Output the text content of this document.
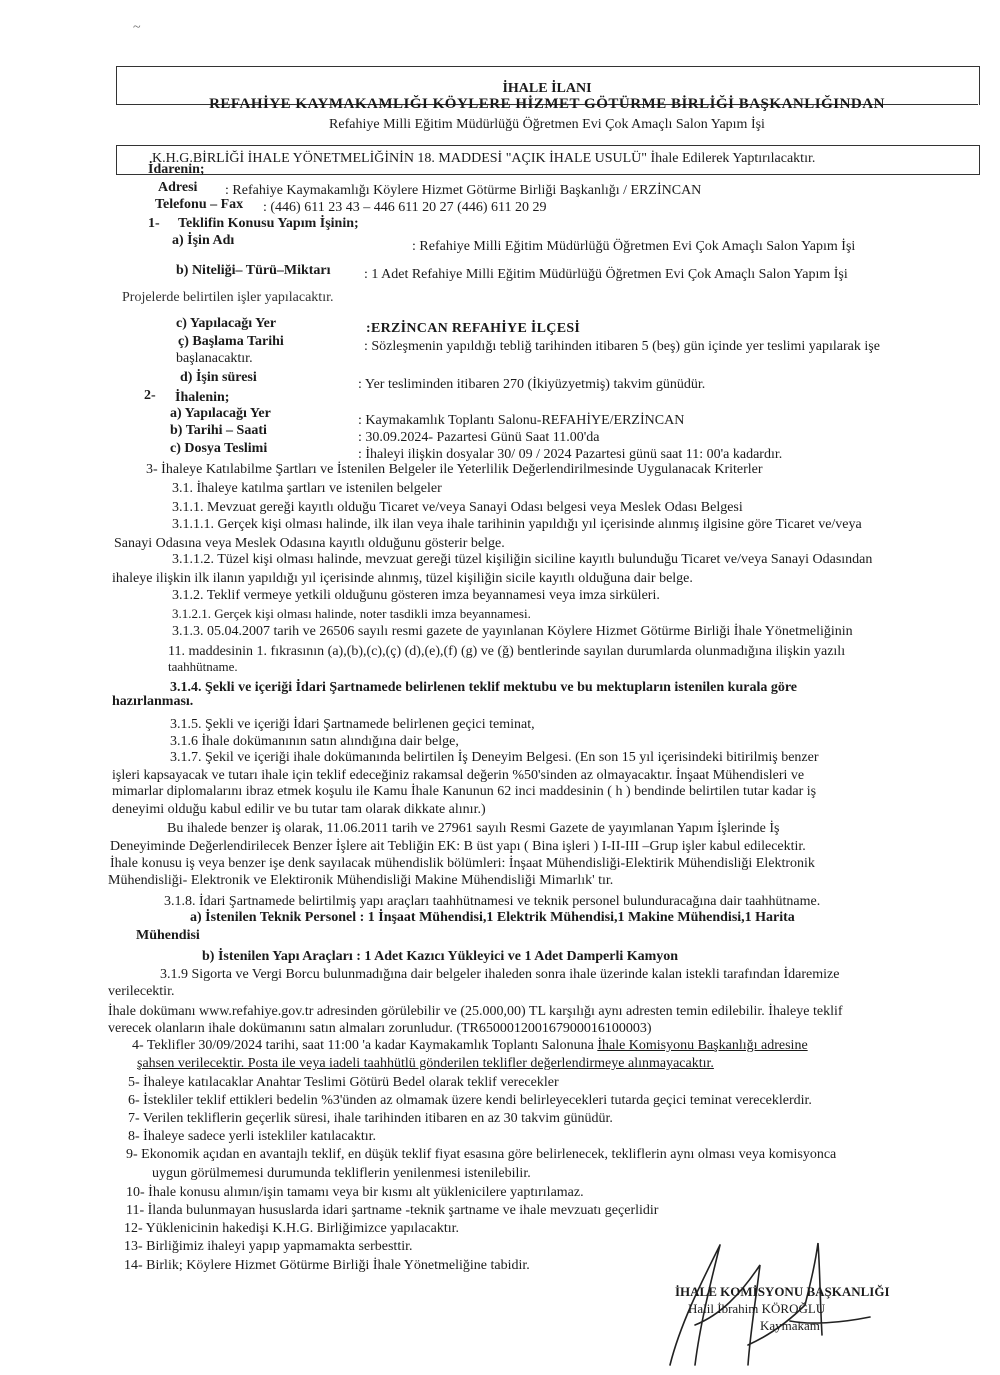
~
İHALE İLANI
REFAHİYE KAYMAKAMLIĞI KÖYLERE HİZMET GÖTÜRME BİRLİĞİ BAŞKANLIĞINDAN
Refahiye Milli Eğitim Müdürlüğü Öğretmen Evi Çok Amaçlı Salon Yapım İşi
K.H.G.BİRLİĞİ İHALE YÖNETMELİĞİNİN 18. MADDESİ "AÇIK İHALE USULÜ" İhale Edilerek Yaptırılacaktır.
İdarenin;
Adresi : Refahiye Kaymakamlığı Köylere Hizmet Götürme Birliği Başkanlığı / ERZİNCAN
Telefonu – Fax : (446) 611 23 43 – 446 611 20 27 (446) 611 20 29
1- Teklifin Konusu Yapım İşinin;
a) İşin Adı	: Refahiye Milli Eğitim Müdürlüğü Öğretmen Evi Çok Amaçlı Salon Yapım İşi
b) Niteliği– Türü–Miktarı : 1 Adet Refahiye Milli Eğitim Müdürlüğü Öğretmen Evi Çok Amaçlı Salon Yapım İşi
Projelerde belirtilen işler yapılacaktır.
c) Yapılacağı Yer	:ERZİNCAN REFAHİYE İLÇESİ
ç) Başlama Tarihi	: Sözleşmenin yapıldığı tebliğ tarihinden itibaren 5 (beş) gün içinde yer teslimi yapılarak işe
başlanacaktır.
d) İşin süresi	: Yer tesliminden itibaren 270 (İkiyüzyetmiş) takvim günüdür.
2- İhalenin;
a) Yapılacağı Yer	: Kaymakamlık Toplantı Salonu-REFAHİYE/ERZİNCAN
b) Tarihi – Saati	: 30.09.2024- Pazartesi Günü Saat 11.00'da
c) Dosya Teslimi	: İhaleyi ilişkin dosyalar 30/ 09 / 2024 Pazartesi günü saat 11: 00'a kadardır.
3- İhaleye Katılabilme Şartları ve İstenilen Belgeler ile Yeterlilik Değerlendirilmesinde Uygulanacak Kriterler
3.1. İhaleye katılma şartları ve istenilen belgeler
3.1.1. Mevzuat gereği kayıtlı olduğu Ticaret ve/veya Sanayi Odası belgesi veya Meslek Odası Belgesi
3.1.1.1. Gerçek kişi olması halinde, ilk ilan veya ihale tarihinin yapıldığı yıl içerisinde alınmış ilgisine göre Ticaret ve/veya
Sanayi Odasına veya Meslek Odasına kayıtlı olduğunu gösterir belge.
3.1.1.2. Tüzel kişi olması halinde, mevzuat gereği tüzel kişiliğin siciline kayıtlı bulunduğu Ticaret ve/veya Sanayi Odasından
ihaleye ilişkin ilk ilanın yapıldığı yıl içerisinde alınmış, tüzel kişiliğin sicile kayıtlı olduğuna dair belge.
3.1.2. Teklif vermeye yetkili olduğunu gösteren imza beyannamesi veya imza sirküleri.
3.1.2.1. Gerçek kişi olması halinde, noter tasdikli imza beyannamesi.
3.1.3. 05.04.2007 tarih ve 26506 sayılı resmi gazete de yayınlanan Köylere Hizmet Götürme Birliği İhale Yönetmeliğinin
11. maddesinin 1. fıkrasının (a),(b),(c),(ç) (d),(e),(f) (g) ve (ğ) bentlerinde sayılan durumlarda olunmadığına ilişkin yazılı
taahhütname.
3.1.4. Şekli ve içeriği İdari Şartnamede belirlenen teklif mektubu ve bu mektupların istenilen kurala göre
hazırlanması.
3.1.5. Şekli ve içeriği İdari Şartnamede belirlenen geçici teminat,
3.1.6 İhale dokümanının satın alındığına dair belge,
3.1.7. Şekil ve içeriği ihale dokümanında belirtilen İş Deneyim Belgesi. (En son 15 yıl içerisindeki bitirilmiş benzer
işleri kapsayacak ve tutarı ihale için teklif edeceğiniz rakamsal değerin %50'sinden az olmayacaktır. İnşaat Mühendisleri ve
mimarlar diplomalarını ibraz etmek koşulu ile Kamu İhale Kanunun 62 inci maddesinin ( h ) bendinde belirtilen tutar kadar iş
deneyimi olduğu kabul edilir ve bu tutar tam olarak dikkate alınır.)
Bu ihalede benzer iş olarak, 11.06.2011 tarih ve 27961 sayılı Resmi Gazete de yayımlanan Yapım İşlerinde İş
Deneyiminde Değerlendirilecek Benzer İşlere ait Tebliğin EK: B üst yapı ( Bina işleri ) I-II-III –Grup işler kabul edilecektir.
İhale konusu iş veya benzer işe denk sayılacak mühendislik bölümleri: İnşaat Mühendisliği-Elektirik Mühendisliği Elektronik
Mühendisliği- Elektronik ve Elektironik Mühendisliği Makine Mühendisliği Mimarlık' tır.
3.1.8. İdari Şartnamede belirtilmiş yapı araçları taahhütnamesi ve teknik personel bulunduracağına dair taahhütname.
a) İstenilen Teknik Personel : 1 İnşaat Mühendisi,1 Elektrik Mühendisi,1 Makine Mühendisi,1 Harita
Mühendisi
b) İstenilen Yapı Araçları : 1 Adet Kazıcı Yükleyici ve 1 Adet Damperli Kamyon
3.1.9 Sigorta ve Vergi Borcu bulunmadığına dair belgeler ihaleden sonra ihale üzerinde kalan istekli tarafından İdaremize
verilecektir.
İhale dokümanı www.refahiye.gov.tr adresinden görülebilir ve (25.000,00) TL karşılığı aynı adresten temin edilebilir. İhaleye teklif
verecek olanların ihale dokümanını satın almaları zorunludur. (TR650001200167900016100003)
4- Teklifler 30/09/2024 tarihi, saat 11:00 'a kadar Kaymakamlık Toplantı Salonuna İhale Komisyonu Başkanlığı adresine
şahsen verilecektir. Posta ile veya iadeli taahhütlü gönderilen teklifler değerlendirmeye alınmayacaktır.
5- İhaleye katılacaklar Anahtar Teslimi Götürü Bedel olarak teklif verecekler
6- İstekliler teklif ettikleri bedelin %3'ünden az olmamak üzere kendi belirleyecekleri tutarda geçici teminat vereceklerdir.
7- Verilen tekliflerin geçerlik süresi, ihale tarihinden itibaren en az 30 takvim günüdür.
8- İhaleye sadece yerli istekliler katılacaktır.
9- Ekonomik açıdan en avantajlı teklif, en düşük teklif fiyat esasına göre belirlenecek, tekliflerin aynı olması veya komisyonca
uygun görülmemesi durumunda tekliflerin yenilenmesi istenilebilir.
10- İhale konusu alımın/işin tamamı veya bir kısmı alt yüklenicilere yaptırılamaz.
11- İlanda bulunmayan hususlarda idari şartname -teknik şartname ve ihale mevzuatı geçerlidir
12- Yüklenicinin hakedişi K.H.G. Birliğimizce yapılacaktır.
13- Birliğimiz ihaleyi yapıp yapmamakta serbesttir.
14- Birlik; Köylere Hizmet Götürme Birliği İhale Yönetmeliğine tabidir.
İHALE KOMİSYONU BAŞKANLIĞI
Halil İbrahim KÖROĞLU
Kaymakam
